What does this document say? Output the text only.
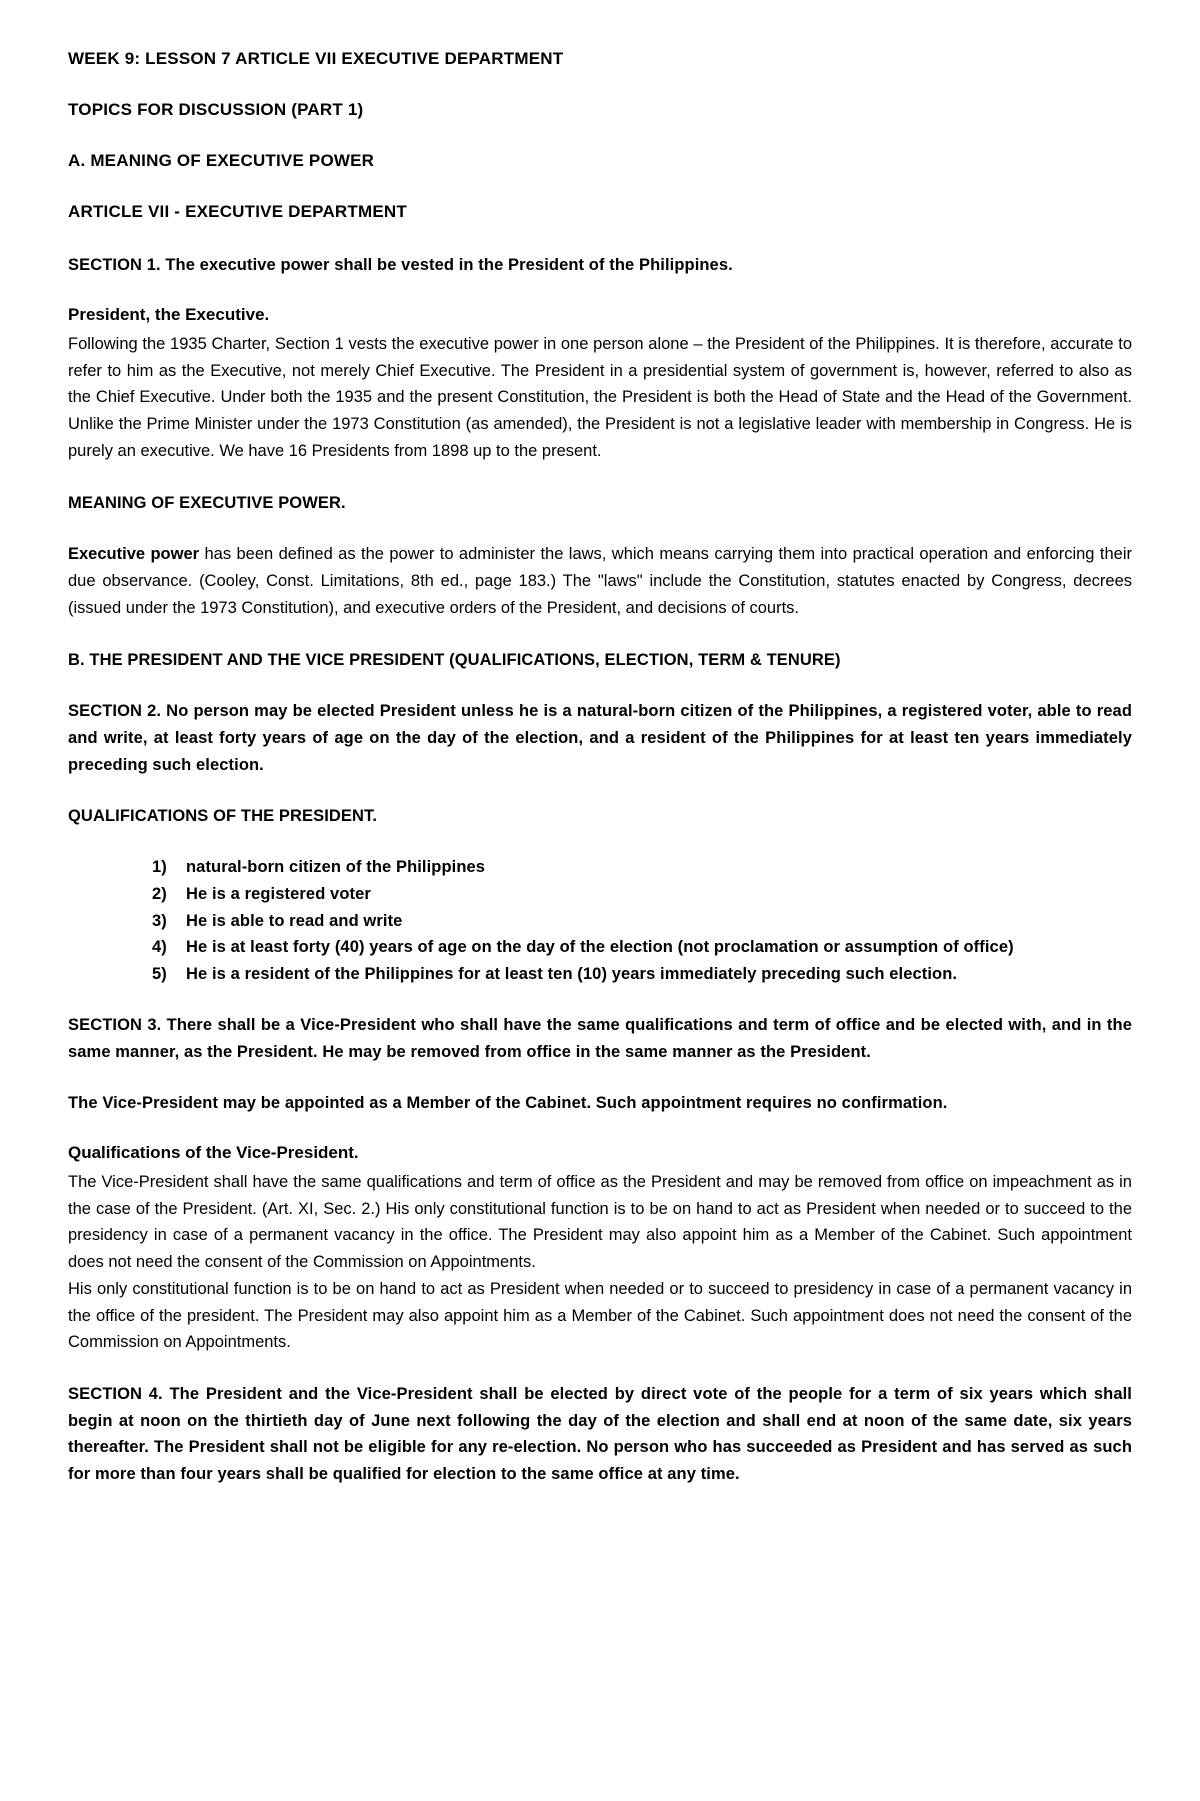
WEEK 9: LESSON 7 ARTICLE VII EXECUTIVE DEPARTMENT
TOPICS FOR DISCUSSION (PART 1)
A. MEANING OF EXECUTIVE POWER
ARTICLE VII - EXECUTIVE DEPARTMENT

SECTION 1. The executive power shall be vested in the President of the Philippines.

President, the Executive.

Following the 1935 Charter, Section 1 vests the executive power in one person alone – the President of the Philippines. It is therefore, accurate to refer to him as the Executive, not merely Chief Executive. The President in a presidential system of government is, however, referred to also as the Chief Executive. Under both the 1935 and the present Constitution, the President is both the Head of State and the Head of the Government. Unlike the Prime Minister under the 1973 Constitution (as amended), the President is not a legislative leader with membership in Congress. He is purely an executive. We have 16 Presidents from 1898 up to the present.

MEANING OF EXECUTIVE POWER.

Executive power has been defined as the power to administer the laws, which means carrying them into practical operation and enforcing their due observance. (Cooley, Const. Limitations, 8th ed., page 183.) The "laws" include the Constitution, statutes enacted by Congress, decrees (issued under the 1973 Constitution), and executive orders of the President, and decisions of courts.

B. THE PRESIDENT AND THE VICE PRESIDENT (QUALIFICATIONS, ELECTION, TERM & TENURE)

SECTION 2. No person may be elected President unless he is a natural-born citizen of the Philippines, a registered voter, able to read and write, at least forty years of age on the day of the election, and a resident of the Philippines for at least ten years immediately preceding such election.

QUALIFICATIONS OF THE PRESIDENT.
natural-born citizen of the Philippines
He is a registered voter
He is able to read and write
He is at least forty (40) years of age on the day of the election (not proclamation or assumption of office)
He is a resident of the Philippines for at least ten (10) years immediately preceding such election.

SECTION 3. There shall be a Vice-President who shall have the same qualifications and term of office and be elected with, and in the same manner, as the President. He may be removed from office in the same manner as the President.

The Vice-President may be appointed as a Member of the Cabinet. Such appointment requires no confirmation.

Qualifications of the Vice-President.

The Vice-President shall have the same qualifications and term of office as the President and may be removed from office on impeachment as in the case of the President. (Art. XI, Sec. 2.) His only constitutional function is to be on hand to act as President when needed or to succeed to the presidency in case of a permanent vacancy in the office. The President may also appoint him as a Member of the Cabinet. Such appointment does not need the consent of the Commission on Appointments.

His only constitutional function is to be on hand to act as President when needed or to succeed to presidency in case of a permanent vacancy in the office of the president. The President may also appoint him as a Member of the Cabinet. Such appointment does not need the consent of the Commission on Appointments.

SECTION 4. The President and the Vice-President shall be elected by direct vote of the people for a term of six years which shall begin at noon on the thirtieth day of June next following the day of the election and shall end at noon of the same date, six years thereafter. The President shall not be eligible for any re-election. No person who has succeeded as President and has served as such for more than four years shall be qualified for election to the same office at any time.
